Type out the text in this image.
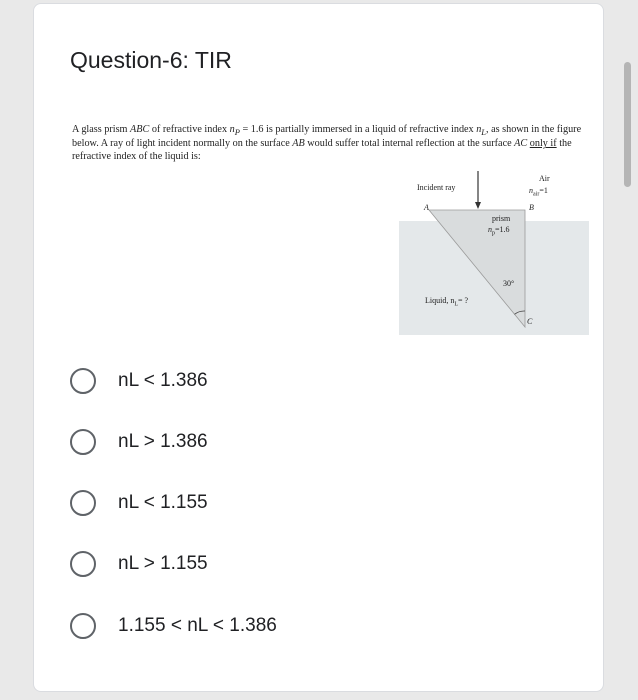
Question-6: TIR
A glass prism ABC of refractive index $n_P = 1.6$ is partially immersed in a liquid of refractive index $n_L$, as shown in the figure below. A ray of light incident normally on the surface AB would suffer total internal reflection at the surface AC only if the refractive index of the liquid is:
Incident ray
Air
$n_{air}=1$
A	B
prism
$n_p=1.6$
30°
Liquid, $n_L=$ ?
C
nL < 1.386
nL > 1.386
nL < 1.155
nL > 1.155
1.155 < nL < 1.386
